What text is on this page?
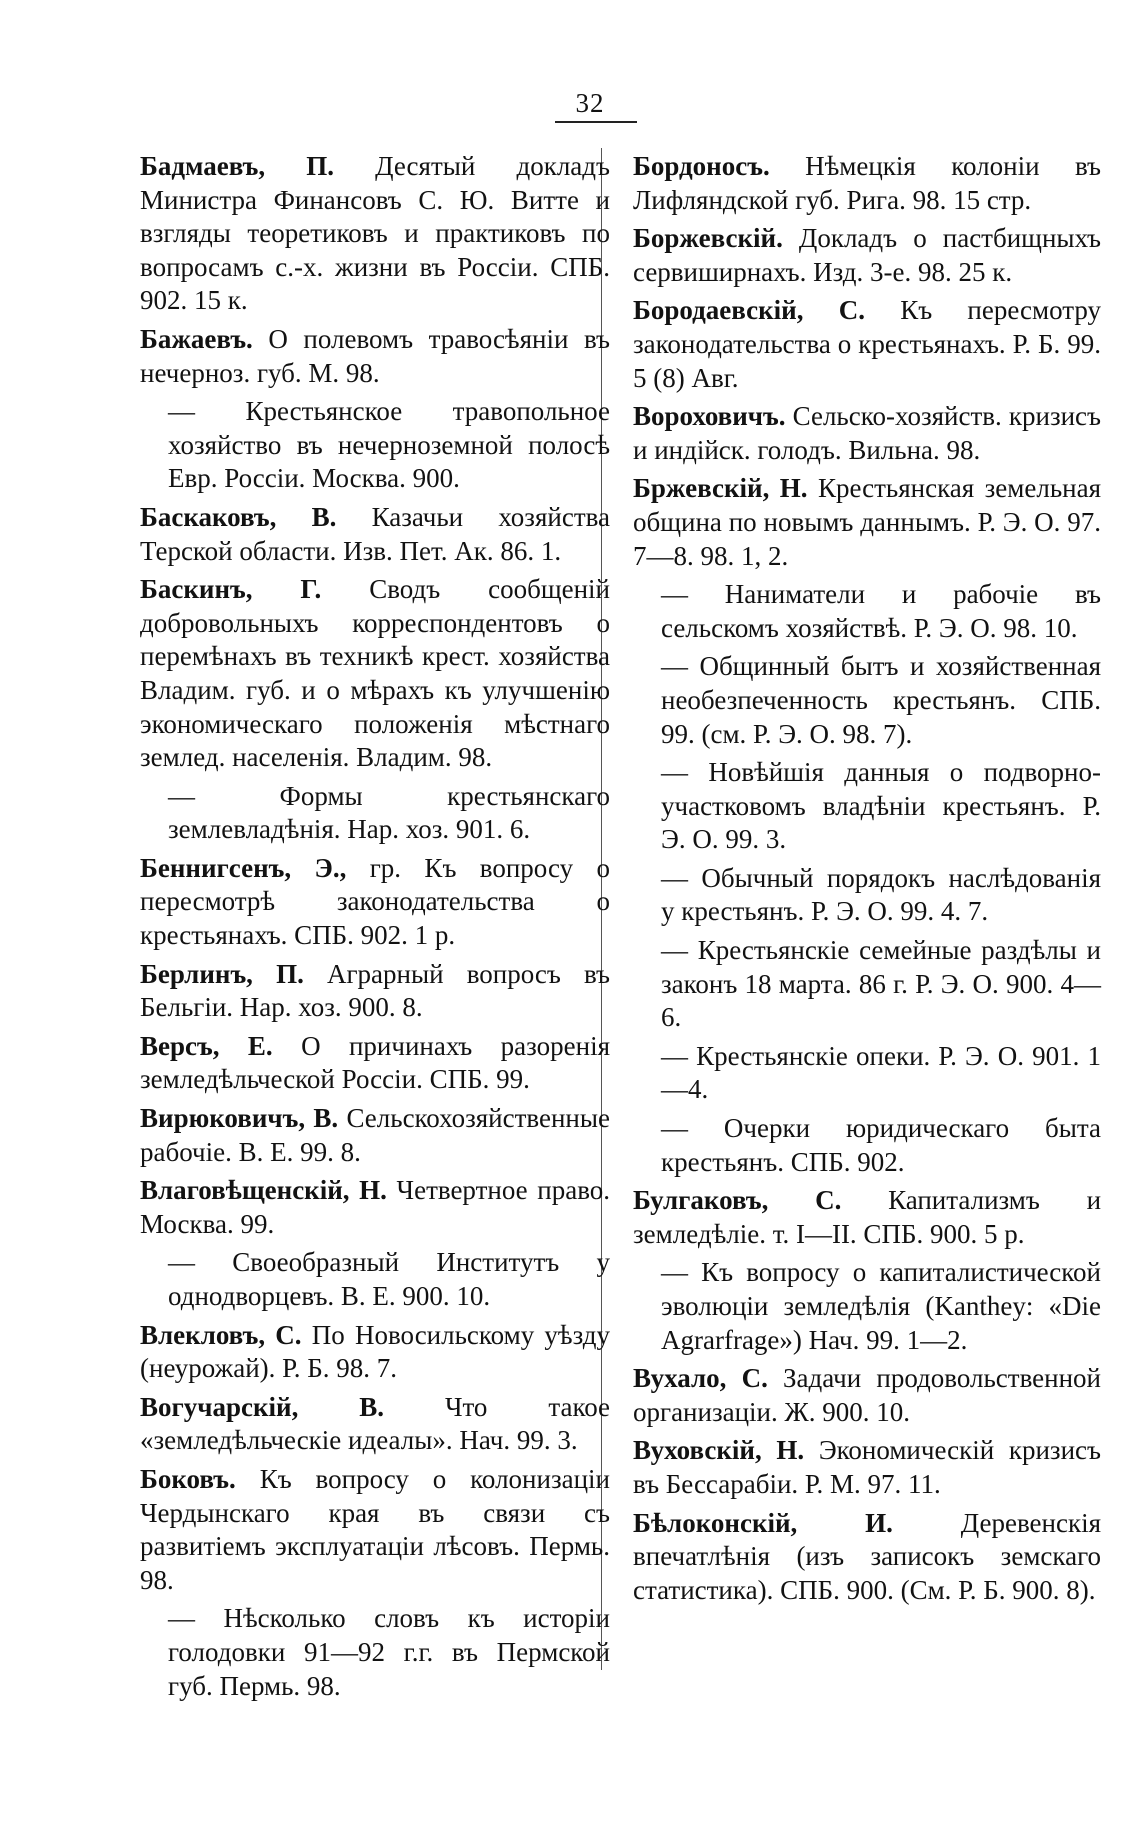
32
Бадмаевъ, П. Десятый докладъ Министра Финансовъ С. Ю. Витте и взгляды теоретиковъ и практиковъ по вопросамъ с.-х. жизни въ Россіи. СПБ. 902. 15 к.
Бажаевъ. О полевомъ травосѣяніи въ нечерноз. губ. М. 98.
— Крестьянское травопольное хозяйство въ нечерноземной полосѣ Евр. Россіи. Москва. 900.
Баскаковъ, В. Казачьи хозяйства Терской области. Изв. Пет. Ак. 86. 1.
Баскинъ, Г. Сводъ сообщеній добровольныхъ корреспондентовъ о перемѣнахъ въ техникѣ крест. хозяйства Владим. губ. и о мѣрахъ къ улучшенію экономическаго положенія мѣстнаго землед. населенія. Владим. 98.
— Формы крестьянскаго землевладѣнія. Нар. хоз. 901. 6.
Беннигсенъ, Э., гр. Къ вопросу о пересмотрѣ законодательства о крестьянахъ. СПБ. 902. 1 р.
Берлинъ, П. Аграрный вопросъ въ Бельгіи. Нар. хоз. 900. 8.
Версъ, Е. О причинахъ разоренія земледѣльческой Россіи. СПБ. 99.
Вирюковичъ, В. Сельскохозяйственные рабочіе. В. Е. 99. 8.
Влаговѣщенскій, Н. Четвертное право. Москва. 99.
— Своеобразный Институтъ у однодворцевъ. В. Е. 900. 10.
Влекловъ, С. По Новосильскому уѣзду (неурожай). Р. Б. 98. 7.
Вогучарскій, В. Что такое «земледѣльческіе идеалы». Нач. 99. 3.
Боковъ. Къ вопросу о колонизаціи Чердынскаго края въ связи съ развитіемъ эксплуатаціи лѣсовъ. Пермь. 98.
— Нѣсколько словъ къ исторіи голодовки 91—92 г.г. въ Пермской губ. Пермь. 98.
Бордоносъ. Нѣмецкія колоніи въ Лифляндской губ. Рига. 98. 15 стр.
Боржевскій. Докладъ о пастбищныхъ сервиширнахъ. Изд. 3-е. 98. 25 к.
Бородаевскій, С. Къ пересмотру законодательства о крестьянахъ. Р. Б. 99. 5 (8) Авг.
Вороховичъ. Сельско-хозяйств. кризисъ и индійск. голодъ. Вильна. 98.
Бржевскій, Н. Крестьянская земельная община по новымъ даннымъ. Р. Э. О. 97. 7—8. 98. 1, 2.
— Наниматели и рабочіе въ сельскомъ хозяйствѣ. Р. Э. О. 98. 10.
— Общинный бытъ и хозяйственная необезпеченность крестьянъ. СПБ. 99. (см. Р. Э. О. 98. 7).
— Новѣйшія данныя о подворно-участковомъ владѣніи крестьянъ. Р. Э. О. 99. 3.
— Обычный порядокъ наслѣдованія у крестьянъ. Р. Э. О. 99. 4. 7.
— Крестьянскіе семейные раздѣлы и законъ 18 марта. 86 г. Р. Э. О. 900. 4—6.
— Крестьянскіе опеки. Р. Э. О. 901. 1—4.
— Очерки юридическаго быта крестьянъ. СПБ. 902.
Булгаковъ, С. Капитализмъ и земледѣліе. т. I—II. СПБ. 900. 5 р.
— Къ вопросу о капиталистической эволюціи земледѣлія (Kanthey: «Die Agrarfrage») Нач. 99. 1—2.
Вухало, С. Задачи продовольственной организаціи. Ж. 900. 10.
Вуховскій, Н. Экономическій кризисъ въ Бессарабіи. Р. М. 97. 11.
Бѣлоконскій, И.	Деревенскія впечатлѣнія (изъ записокъ земскаго статистика). СПБ. 900. (См. Р. Б. 900. 8).
